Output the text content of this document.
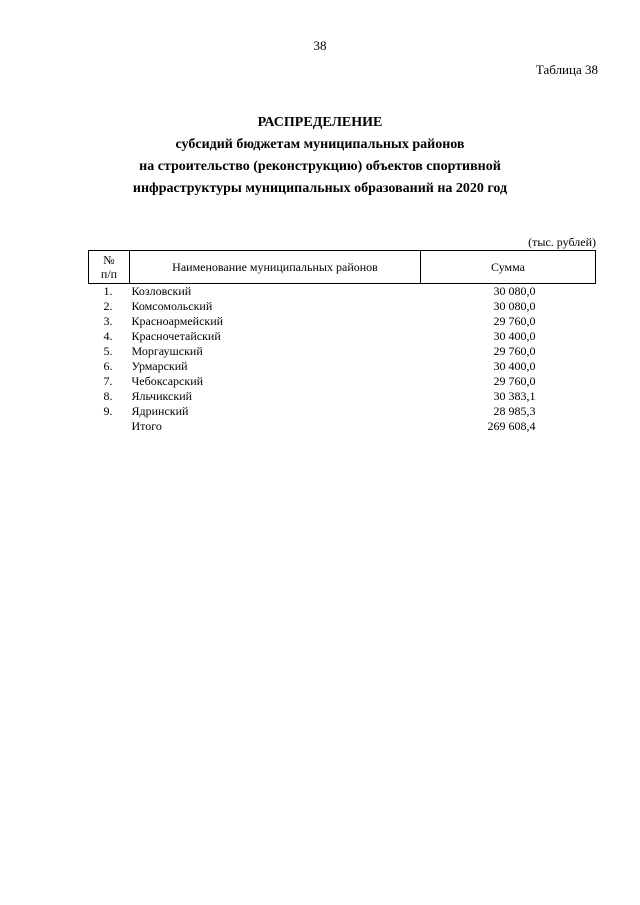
38
Таблица 38
РАСПРЕДЕЛЕНИЕ
субсидий бюджетам муниципальных районов
на строительство (реконструкцию) объектов спортивной
инфраструктуры муниципальных образований на 2020 год
(тыс. рублей)
№
п/п	Наименование муниципальных районов	Сумма
1.	Козловский	30 080,0
2.	Комсомольский	30 080,0
3.	Красноармейский	29 760,0
4.	Красночетайский	30 400,0
5.	Моргаушский	29 760,0
6.	Урмарский	30 400,0
7.	Чебоксарский	29 760,0
8.	Яльчикский	30 383,1
9.	Ядринский	28 985,3
	Итого	269 608,4
